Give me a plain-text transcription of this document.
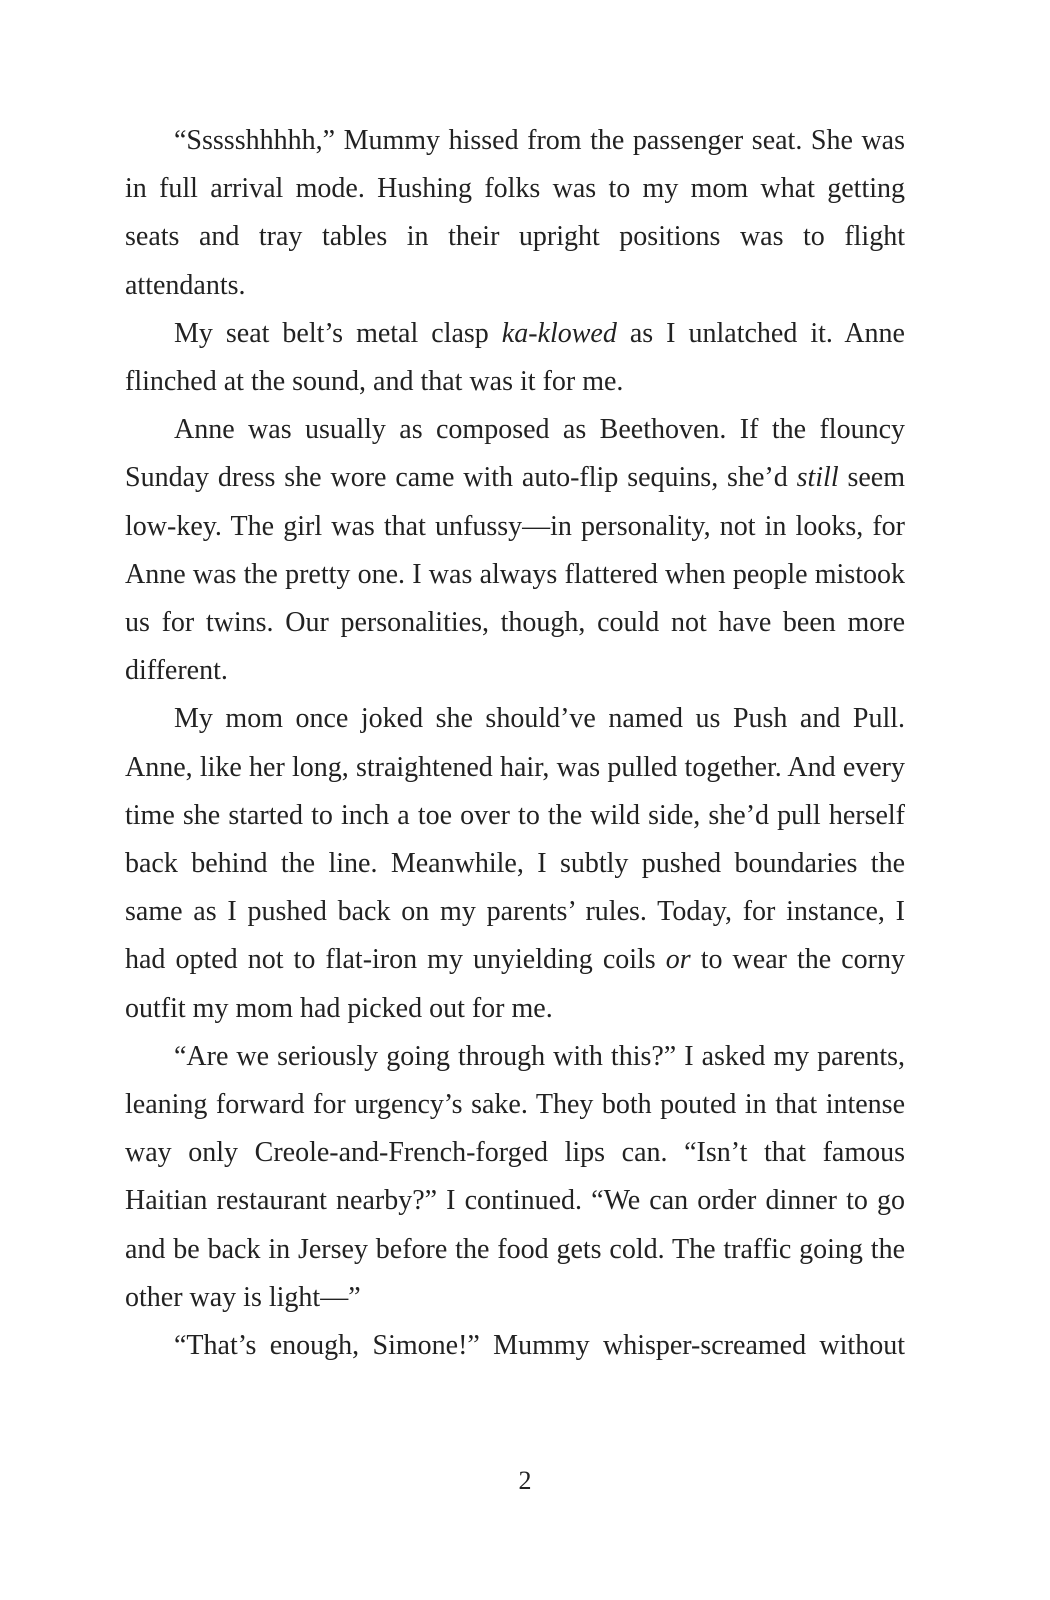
“Ssssshhhhh,” Mummy hissed from the passenger seat. She was in full arrival mode. Hushing folks was to my mom what getting seats and tray tables in their upright positions was to flight attendants.

My seat belt’s metal clasp ka-klowed as I unlatched it. Anne flinched at the sound, and that was it for me.

Anne was usually as composed as Beethoven. If the flouncy Sunday dress she wore came with auto-flip sequins, she’d still seem low-key. The girl was that unfussy—in personality, not in looks, for Anne was the pretty one. I was always flattered when people mistook us for twins. Our personalities, though, could not have been more different.

My mom once joked she should’ve named us Push and Pull. Anne, like her long, straightened hair, was pulled together. And every time she started to inch a toe over to the wild side, she’d pull herself back behind the line. Meanwhile, I subtly pushed boundaries the same as I pushed back on my parents’ rules. Today, for instance, I had opted not to flat-iron my unyielding coils or to wear the corny outfit my mom had picked out for me.

“Are we seriously going through with this?” I asked my parents, leaning forward for urgency’s sake. They both pouted in that intense way only Creole-and-French-forged lips can. “Isn’t that famous Haitian restaurant nearby?” I continued. “We can order dinner to go and be back in Jersey before the food gets cold. The traffic going the other way is light—”

“That’s enough, Simone!” Mummy whisper-screamed without

2
